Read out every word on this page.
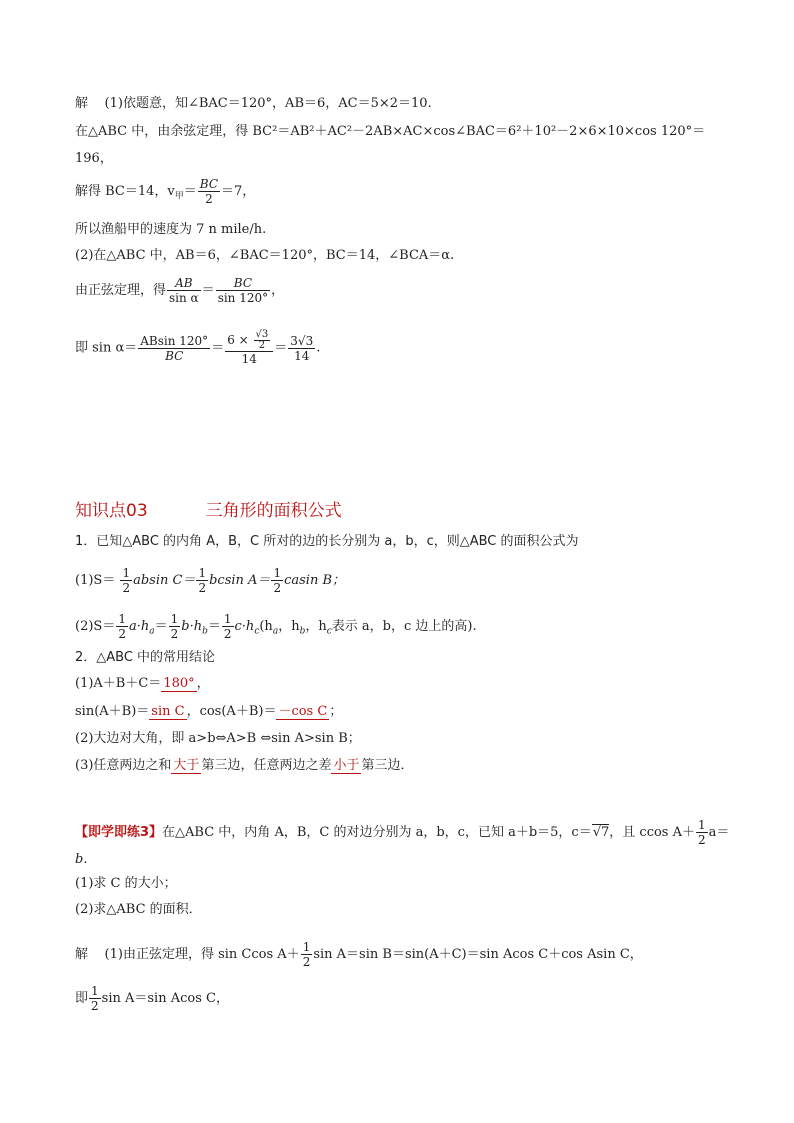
解 (1)依题意，知∠BAC＝120°，AB＝6，AC＝5×2＝10.
在△ABC 中，由余弦定理，得 BC²＝AB²＋AC²－2AB×AC×cos∠BAC＝6²＋10²－2×6×10×cos 120°＝
196，
解得 BC＝14，$v_甲= \frac{BC}{2} =7$，
所以渔船甲的速度为 7 n mile/h.
(2)在△ABC 中，AB＝6，∠BAC＝120°，BC＝14，∠BCA＝α.
由正弦定理，得 $\frac{AB}{\text{sin α}} = \frac{BC}{\sin 120^\circ}$ ，
即 $\sin \alpha= \frac{ABsin 120^\circ}{BC} = \frac{6 \times \frac{√3}{2}}{14} = \frac{3√3}{14}$ .
知识点03	三角形的面积公式
1．已知△ABC 的内角 A，B，C 所对的边的长分别为 a，b，c，则△ABC 的面积公式为
$(1)S= \frac{1}{2}$ absin $C= \frac{1}{2}$ bcsin $A= \frac{1}{2}$ casin B；
$(2)S= \frac{1}{2} a\cdot h_a= \frac{1}{2} b\cdot h_b= \frac{1}{2} c\cdot h_c(h_a$，$h_b$，$h_c$表示 a，b，c 边上的高).
2．△ABC 中的常用结论
(1)A＋B＋C＝ 180° ，
sin(A＋B)＝ sin C ，cos(A＋B)＝ －cos C ；
(2)大边对大角，即 a>b⇔A>B ⇔sin A>sin B；
(3)任意两边之和 大于 第三边，任意两边之差 小于 第三边．
【即学即练3】在△ABC 中，内角 A，B，C 的对边分别为 a，b，c，已知 a＋b＝5，c＝√7，且 ccos $A+ \frac{1}{2} a=$
b.
(1)求 C 的大小；
(2)求△ABC 的面积．
解 (1)由正弦定理，得 sin Ccos $A+ \frac{1}{2}$ sin A＝sin B＝sin(A＋C)＝sin Acos C＋cos Asin C，
即 $\frac{1}{2}$ sin A＝sin Acos C，
